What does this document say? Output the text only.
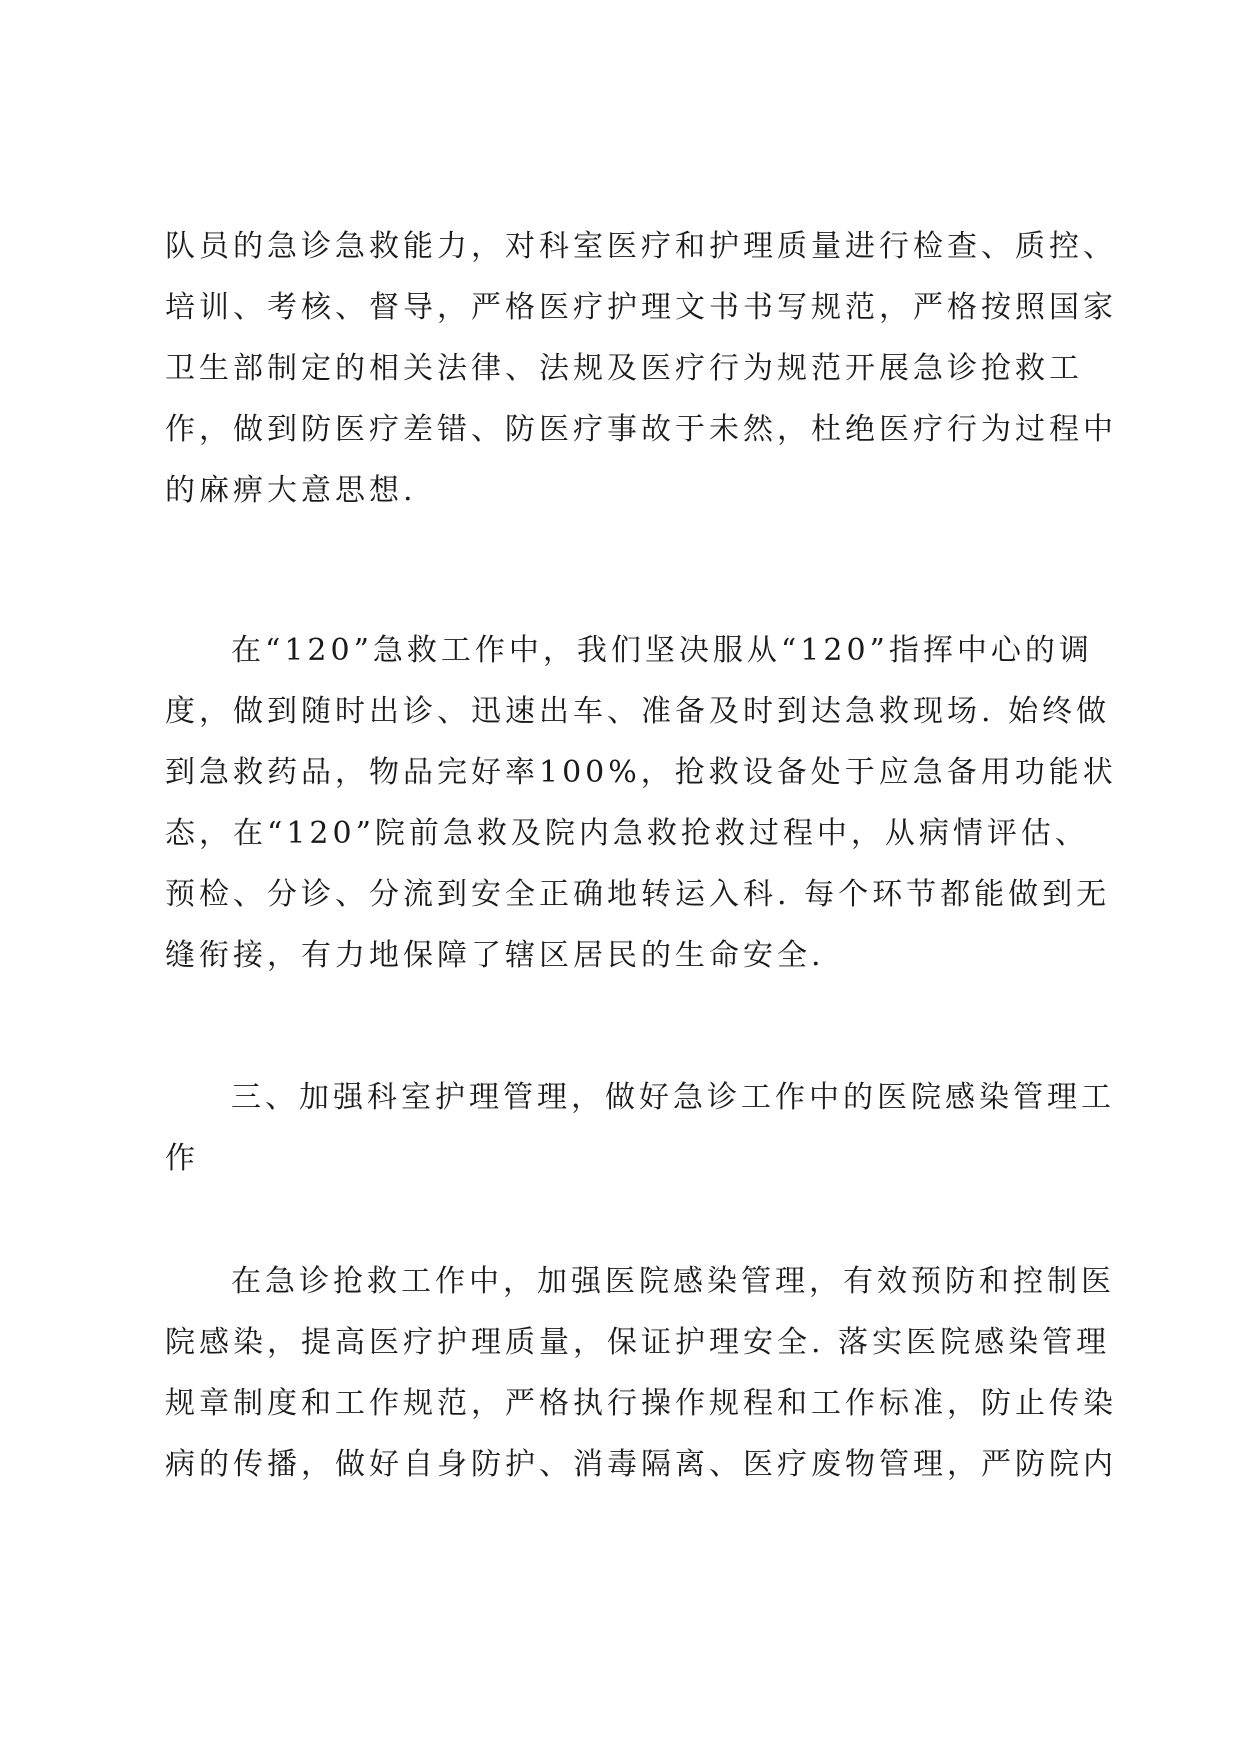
队员的急诊急救能力，对科室医疗和护理质量进行检查、质控、
培训、考核、督导，严格医疗护理文书书写规范，严格按照国家
卫生部制定的相关法律、法规及医疗行为规范开展急诊抢救工
作，做到防医疗差错、防医疗事故于未然，杜绝医疗行为过程中
的麻痹大意思想.
在“120”急救工作中，我们坚决服从“120”指挥中心的调
度，做到随时出诊、迅速出车、准备及时到达急救现场. 始终做
到急救药品，物品完好率100%，抢救设备处于应急备用功能状
态，在“120”院前急救及院内急救抢救过程中，从病情评估、
预检、分诊、分流到安全正确地转运入科. 每个环节都能做到无
缝衔接，有力地保障了辖区居民的生命安全.
三、加强科室护理管理，做好急诊工作中的医院感染管理工
作
在急诊抢救工作中，加强医院感染管理，有效预防和控制医
院感染，提高医疗护理质量，保证护理安全. 落实医院感染管理
规章制度和工作规范，严格执行操作规程和工作标准，防止传染
病的传播，做好自身防护、消毒隔离、医疗废物管理，严防院内
